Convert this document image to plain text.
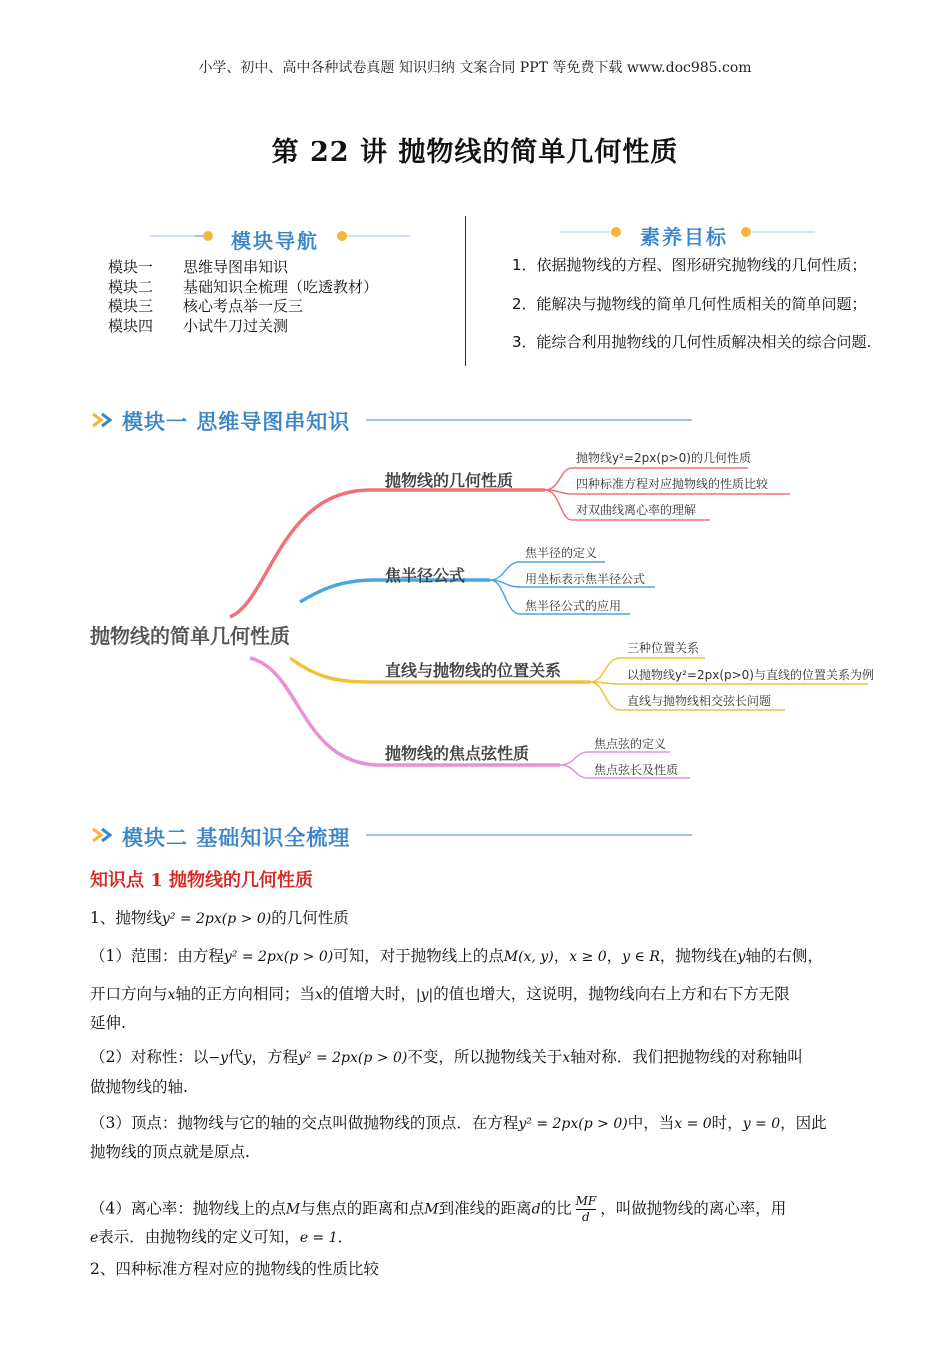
小学、初中、高中各种试卷真题 知识归纳 文案合同 PPT 等免费下载 www.doc985.com
第 22 讲 抛物线的简单几何性质
模块导航
模块一 思维导图串知识
模块二 基础知识全梳理（吃透教材）
模块三 核心考点举一反三
模块四 小试牛刀过关测
素养目标
1．依据抛物线的方程、图形研究抛物线的几何性质；
2．能解决与抛物线的简单几何性质相关的简单问题；
3．能综合利用抛物线的几何性质解决相关的综合问题.
模块一 思维导图串知识
抛物线的简单几何性质
抛物线的几何性质
抛物线y²=2px(p>0)的几何性质
四种标准方程对应抛物线的性质比较
对双曲线离心率的理解
焦半径公式
焦半径的定义
用坐标表示焦半径公式
焦半径公式的应用
直线与抛物线的位置关系
三种位置关系
以抛物线y²=2px(p>0)与直线的位置关系为例
直线与抛物线相交弦长问题
抛物线的焦点弦性质	焦点弦的定义
焦点弦长及性质
模块二 基础知识全梳理
知识点 1 抛物线的几何性质
1、抛物线y² = 2px(p > 0)的几何性质
（1）范围：由方程y² = 2px(p > 0)可知，对于抛物线上的点M(x, y)，x ≥ 0，y ∈ R，抛物线在y轴的右侧，
开口方向与x轴的正方向相同；当x的值增大时，|y|的值也增大，这说明，抛物线向右上方和右下方无限
延伸.
（2）对称性：以−y代y，方程y² = 2px(p > 0)不变，所以抛物线关于x轴对称．我们把抛物线的对称轴叫
做抛物线的轴.
（3）顶点：抛物线与它的轴的交点叫做抛物线的顶点．在方程y² = 2px(p > 0)中，当x = 0时，y = 0，因此
抛物线的顶点就是原点.
（4）离心率：抛物线上的点M与焦点的距离和点M到准线的距离d的比 $\frac{MF}{d}$ ，叫做抛物线的离心率，用
e表示．由抛物线的定义可知，e = 1．
2、四种标准方程对应的抛物线的性质比较
